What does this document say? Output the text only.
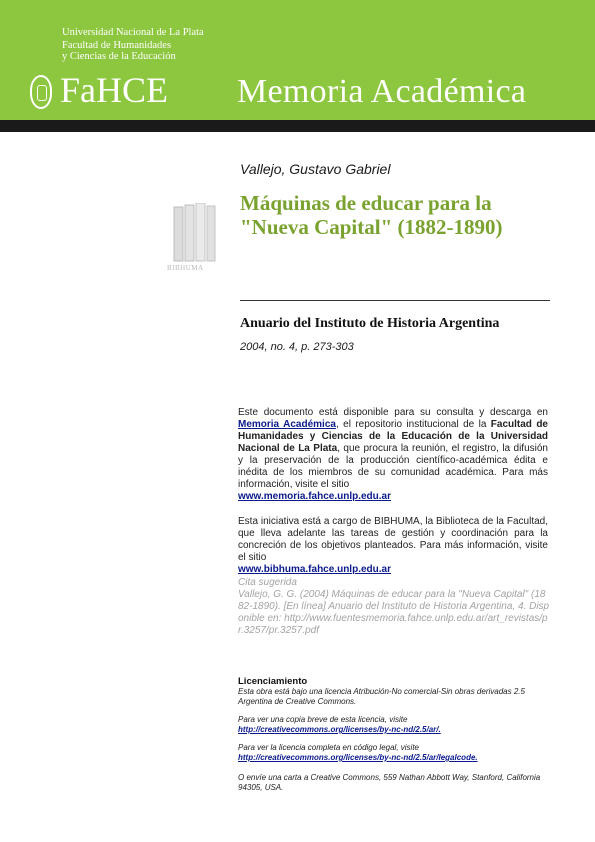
Universidad Nacional de La Plata
Facultad de Humanidades
y Ciencias de la Educación
FaHCE Memoria Académica
BIBHUMA
Vallejo, Gustavo Gabriel
Máquinas de educar para la
"Nueva Capital" (1882-1890)
Anuario del Instituto de Historia Argentina
2004, no. 4, p. 273-303
Este documento está disponible para su consulta y descarga en Memoria Académica, el repositorio institucional de la Facultad de Humanidades y Ciencias de la Educación de la Universidad Nacional de La Plata, que procura la reunión, el registro, la difusión y la preservación de la producción científico-académica édita e inédita de los miembros de su comunidad académica. Para más información, visite el sitio
www.memoria.fahce.unlp.edu.ar
Esta iniciativa está a cargo de BIBHUMA, la Biblioteca de la Facultad, que lleva adelante las tareas de gestión y coordinación para la concreción de los objetivos planteados. Para más información, visite el sitio
www.bibhuma.fahce.unlp.edu.ar
Cita sugerida
Vallejo, G. G. (2004) Máquinas de educar para la "Nueva Capital" (1882-1890). [En línea] Anuario del Instituto de Historia Argentina, 4. Disponible en: http://www.fuentesmemoria.fahce.unlp.edu.ar/art_revistas/pr.3257/pr.3257.pdf
Licenciamiento
Esta obra está bajo una licencia Atribución-No comercial-Sin obras derivadas 2.5 Argentina de Creative Commons.
Para ver una copia breve de esta licencia, visite
http://creativecommons.org/licenses/by-nc-nd/2.5/ar/.
Para ver la licencia completa en código legal, visite
http://creativecommons.org/licenses/by-nc-nd/2.5/ar/legalcode.
O envíe una carta a Creative Commons, 559 Nathan Abbott Way, Stanford, California 94305, USA.
